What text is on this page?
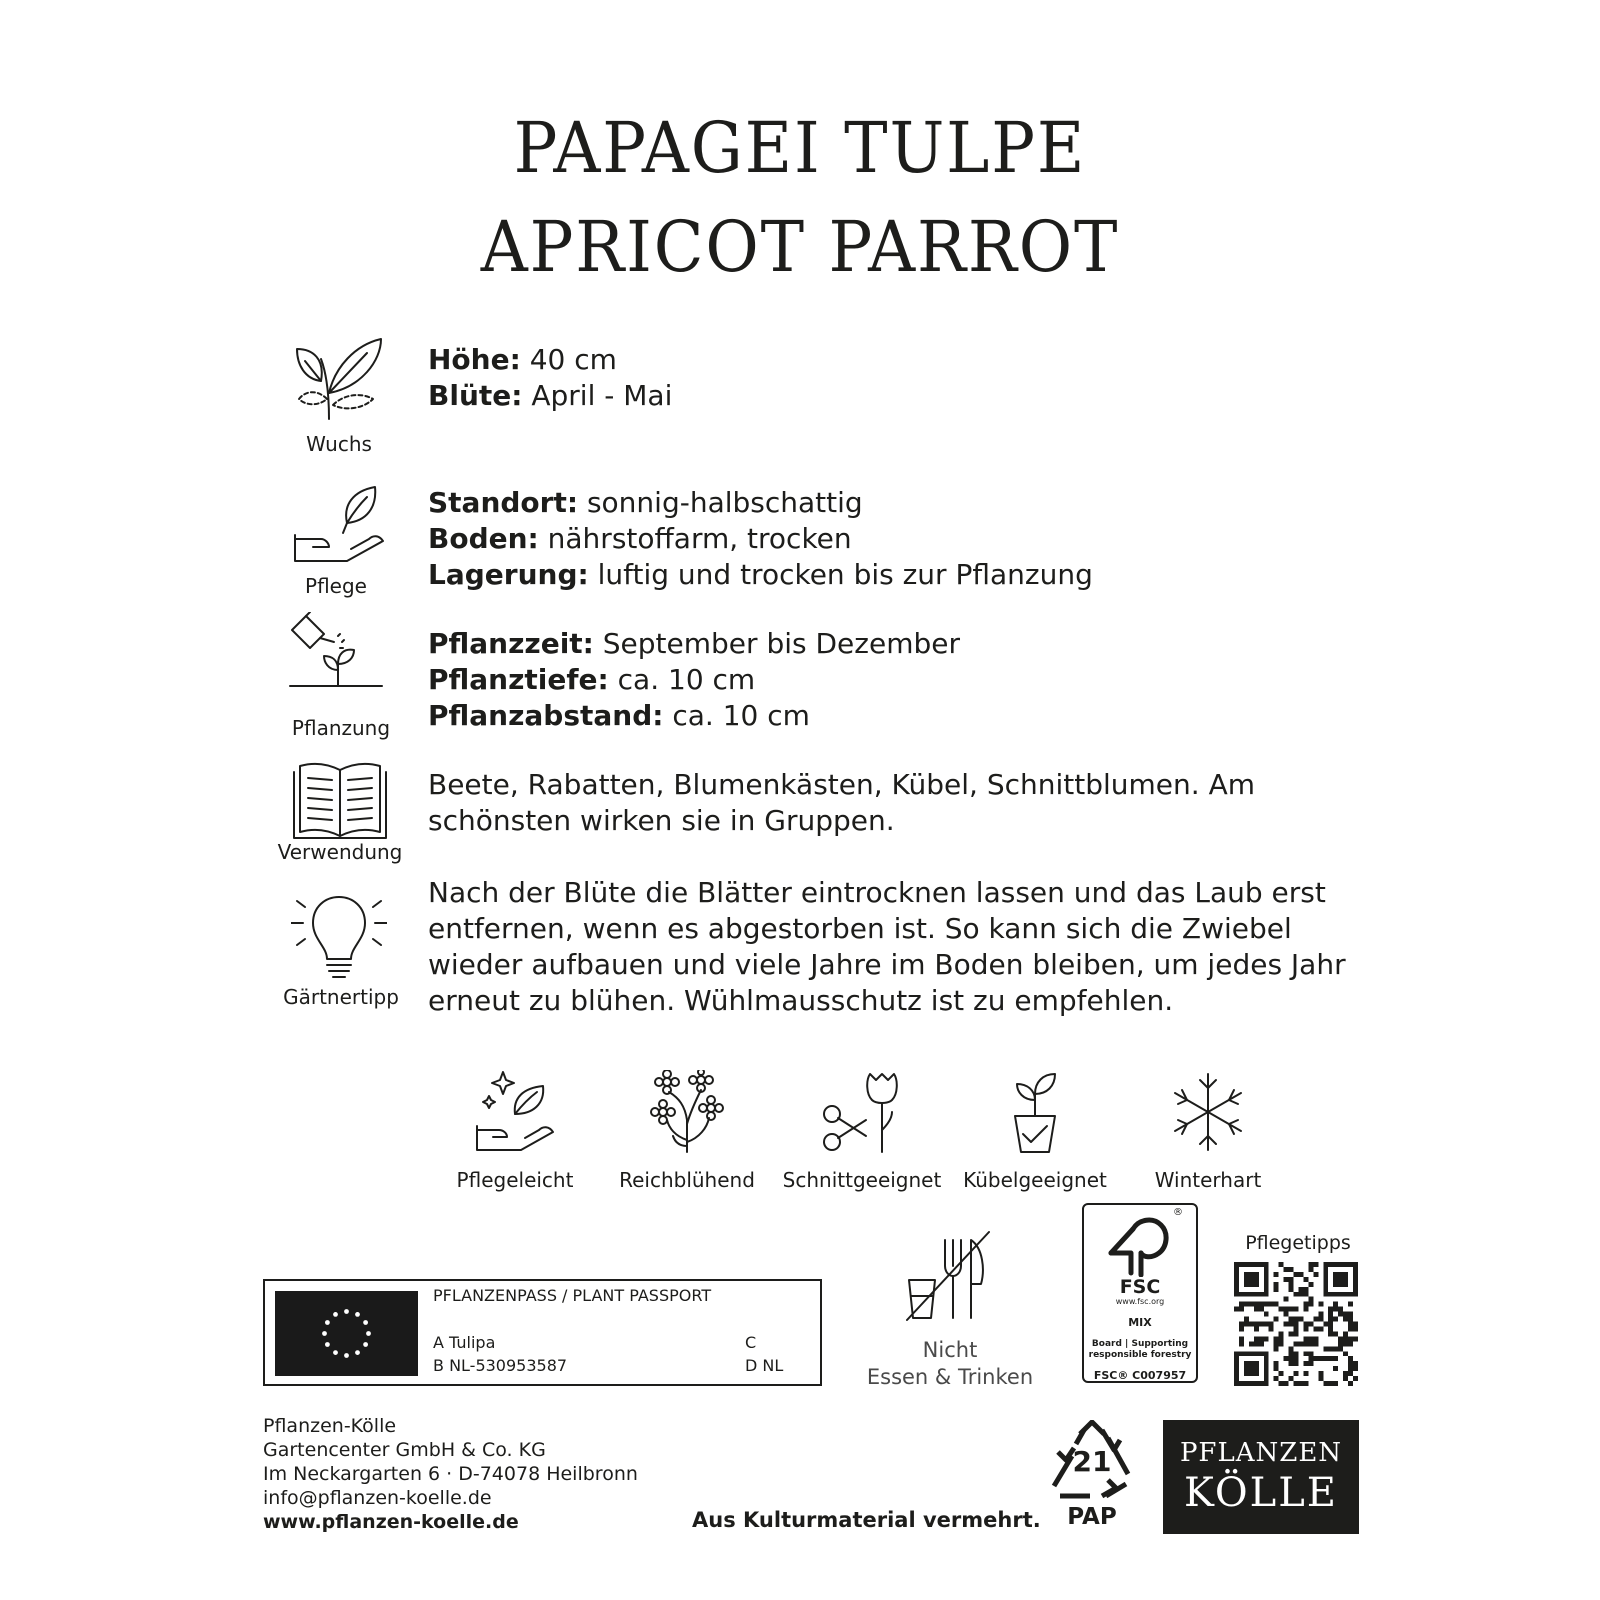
PAPAGEI TULPE
APRICOT PARROT
Wuchs
Höhe: 40 cm
Blüte: April - Mai
Pflege
Standort: sonnig-halbschattig
Boden: nährstoffarm, trocken
Lagerung: luftig und trocken bis zur Pflanzung
Pflanzung
Pflanzzeit: September bis Dezember
Pflanztiefe: ca. 10 cm
Pflanzabstand: ca. 10 cm
Verwendung
Beete, Rabatten, Blumenkästen, Kübel, Schnittblumen. Am
schönsten wirken sie in Gruppen.
Gärtnertipp
Nach der Blüte die Blätter eintrocknen lassen und das Laub erst
entfernen, wenn es abgestorben ist. So kann sich die Zwiebel
wieder aufbauen und viele Jahre im Boden bleiben, um jedes Jahr
erneut zu blühen. Wühlmausschutz ist zu empfehlen.
Pflegeleicht	Reichblühend	Schnittgeeignet	Kübelgeeignet	Winterhart
PFLANZENPASS / PLANT PASSPORT
A Tulipa
B NL-530953587
C
D NL
Nicht
Essen & Trinken
FSC
www.fsc.org
MIX
Board | Supporting
responsible forestry
FSC® C007957
®
Pflegetipps
Pflanzen-Kölle
Gartencenter GmbH & Co. KG
Im Neckargarten 6 · D-74078 Heilbronn
info@pflanzen-koelle.de
www.pflanzen-koelle.de	Aus Kulturmaterial vermehrt.
21
PAP
PFLANZEN
KÖLLE
